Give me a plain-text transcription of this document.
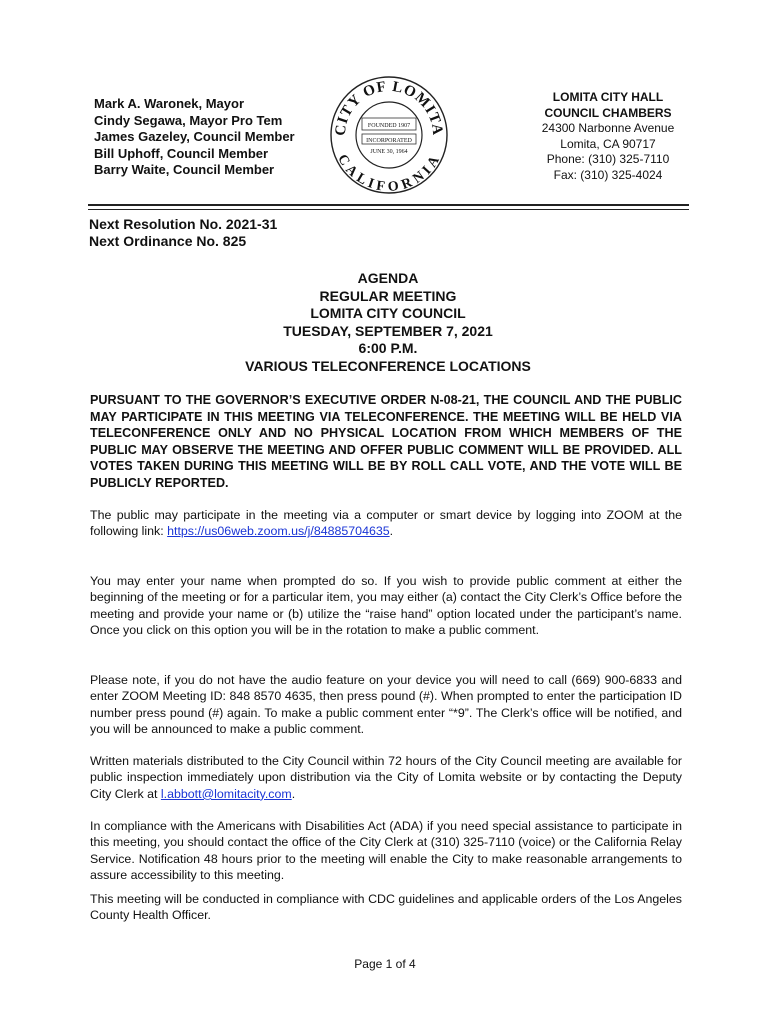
Mark A. Waronek, Mayor
Cindy Segawa, Mayor Pro Tem
James Gazeley, Council Member
Bill Uphoff, Council Member
Barry Waite, Council Member
CITY OF LOMITA
CALIFORNIA
FOUNDED 1907
INCORPORATED
JUNE 30, 1964
LOMITA CITY HALL
COUNCIL CHAMBERS
24300 Narbonne Avenue
Lomita, CA 90717
Phone: (310) 325-7110
Fax: (310) 325-4024
Next Resolution No. 2021-31
Next Ordinance No. 825
AGENDA
REGULAR MEETING
LOMITA CITY COUNCIL
TUESDAY, SEPTEMBER 7, 2021
6:00 P.M.
VARIOUS TELECONFERENCE LOCATIONS
PURSUANT TO THE GOVERNOR’S EXECUTIVE ORDER N-08-21, THE COUNCIL AND THE PUBLIC MAY PARTICIPATE IN THIS MEETING VIA TELECONFERENCE. THE MEETING WILL BE HELD VIA TELECONFERENCE ONLY AND NO PHYSICAL LOCATION FROM WHICH MEMBERS OF THE PUBLIC MAY OBSERVE THE MEETING AND OFFER PUBLIC COMMENT WILL BE PROVIDED. ALL VOTES TAKEN DURING THIS MEETING WILL BE BY ROLL CALL VOTE, AND THE VOTE WILL BE PUBLICLY REPORTED.
The public may participate in the meeting via a computer or smart device by logging into ZOOM at the following link: https://us06web.zoom.us/j/84885704635.
You may enter your name when prompted do so. If you wish to provide public comment at either the beginning of the meeting or for a particular item, you may either (a) contact the City Clerk’s Office before the meeting and provide your name or (b) utilize the “raise hand” option located under the participant’s name. Once you click on this option you will be in the rotation to make a public comment.
Please note, if you do not have the audio feature on your device you will need to call (669) 900-6833 and enter ZOOM Meeting ID: 848 8570 4635, then press pound (#). When prompted to enter the participation ID number press pound (#) again. To make a public comment enter “*9”. The Clerk’s office will be notified, and you will be announced to make a public comment.
Written materials distributed to the City Council within 72 hours of the City Council meeting are available for public inspection immediately upon distribution via the City of Lomita website or by contacting the Deputy City Clerk at l.abbott@lomitacity.com.
In compliance with the Americans with Disabilities Act (ADA) if you need special assistance to participate in this meeting, you should contact the office of the City Clerk at (310) 325-7110 (voice) or the California Relay Service. Notification 48 hours prior to the meeting will enable the City to make reasonable arrangements to assure accessibility to this meeting.
This meeting will be conducted in compliance with CDC guidelines and applicable orders of the Los Angeles County Health Officer.
Page 1 of 4
